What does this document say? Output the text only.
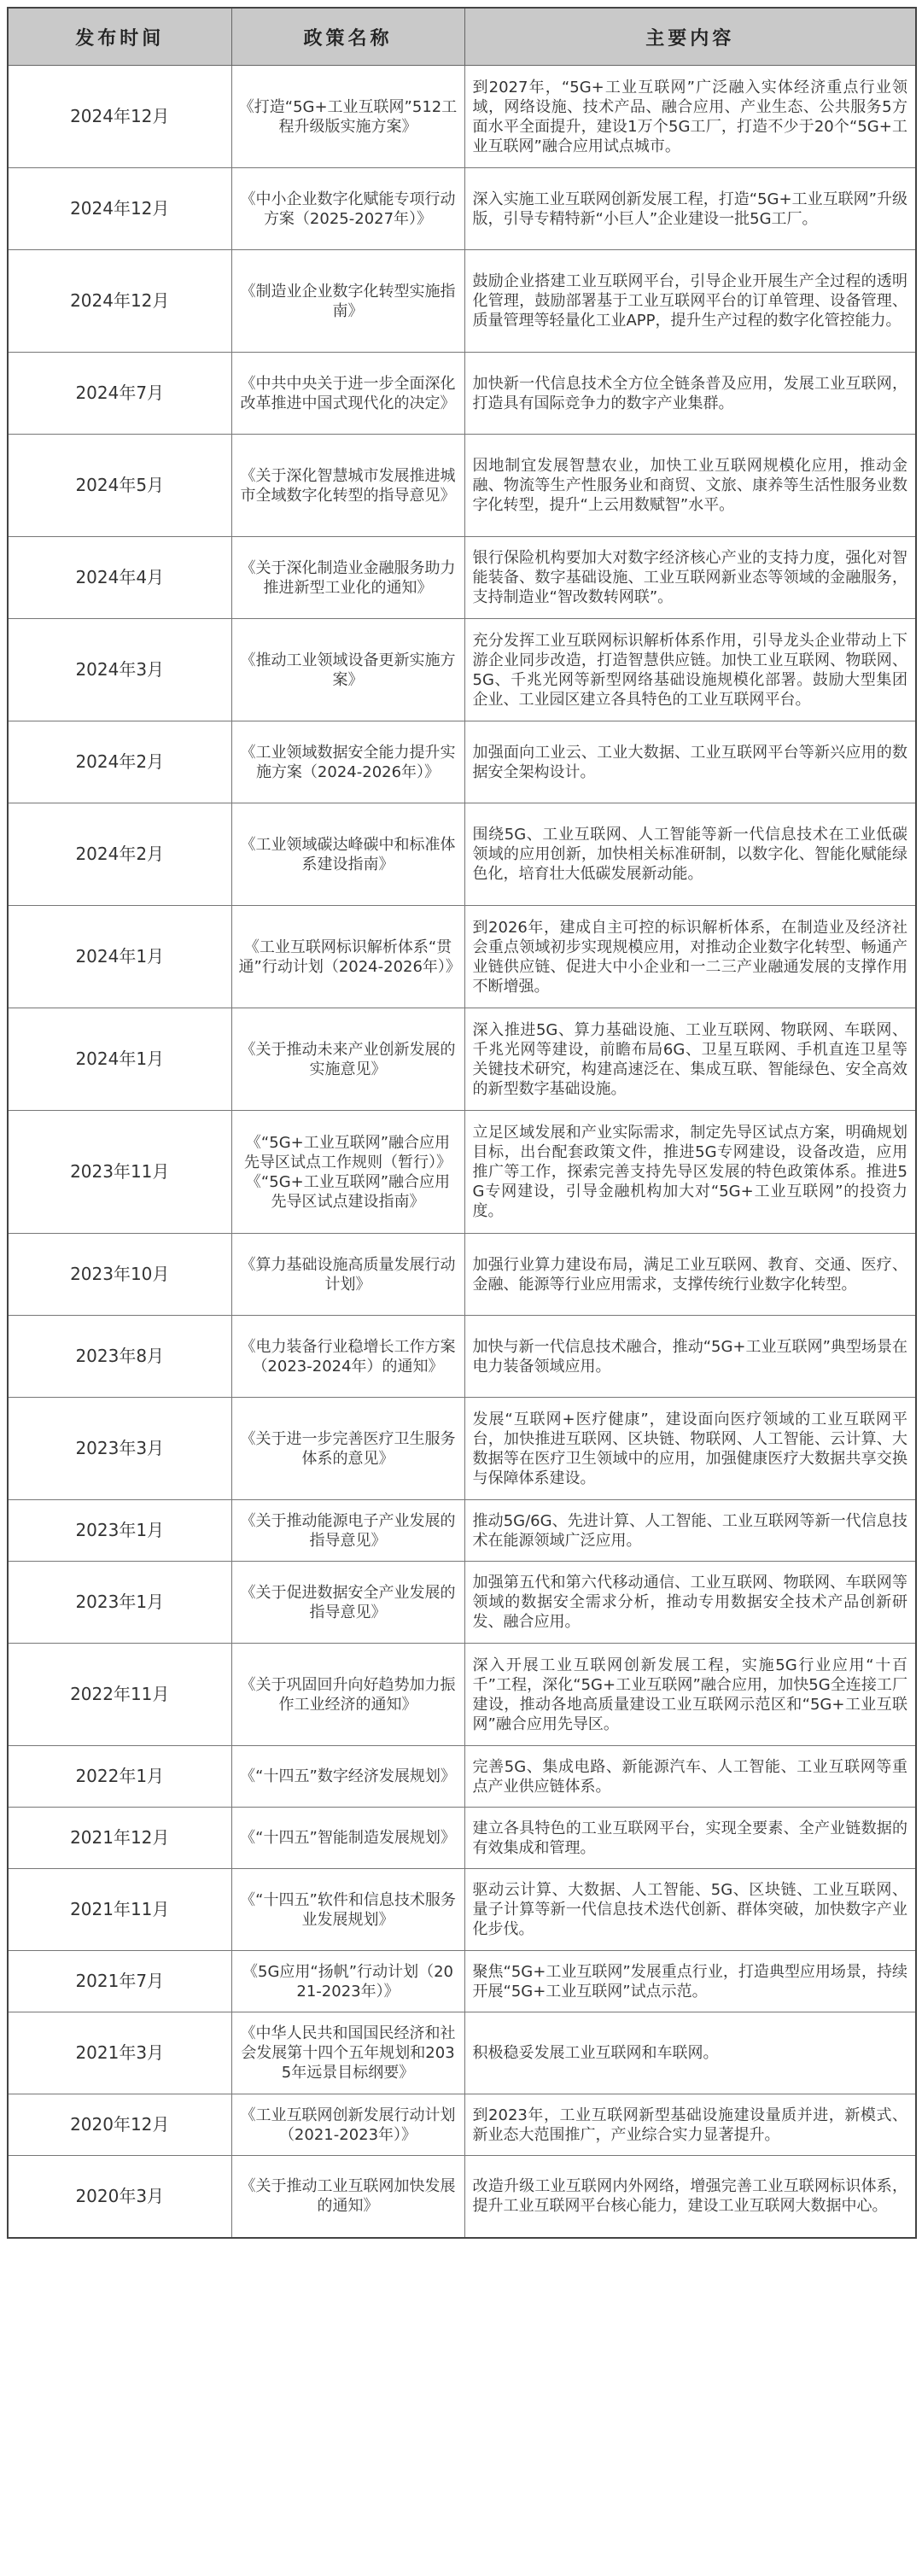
发布时间	政策名称	主要内容
2024年12月	《打造“5G+工业互联网”512工程升级版实施方案》	到2027年，“5G+工业互联网”广泛融入实体经济重点行业领域，网络设施、技术产品、融合应用、产业生态、公共服务5方面水平全面提升，建设1万个5G工厂，打造不少于20个“5G+工业互联网”融合应用试点城市。
2024年12月	《中小企业数字化赋能专项行动方案（2025-2027年）》	深入实施工业互联网创新发展工程，打造“5G+工业互联网”升级版，引导专精特新“小巨人”企业建设一批5G工厂。
2024年12月	《制造业企业数字化转型实施指南》	鼓励企业搭建工业互联网平台，引导企业开展生产全过程的透明化管理，鼓励部署基于工业互联网平台的订单管理、设备管理、质量管理等轻量化工业APP，提升生产过程的数字化管控能力。
2024年7月	《中共中央关于进一步全面深化改革推进中国式现代化的决定》	加快新一代信息技术全方位全链条普及应用，发展工业互联网，打造具有国际竞争力的数字产业集群。
2024年5月	《关于深化智慧城市发展推进城市全域数字化转型的指导意见》	因地制宜发展智慧农业，加快工业互联网规模化应用，推动金融、物流等生产性服务业和商贸、文旅、康养等生活性服务业数字化转型，提升“上云用数赋智”水平。
2024年4月	《关于深化制造业金融服务助力推进新型工业化的通知》	银行保险机构要加大对数字经济核心产业的支持力度，强化对智能装备、数字基础设施、工业互联网新业态等领域的金融服务，支持制造业“智改数转网联”。
2024年3月	《推动工业领域设备更新实施方案》	充分发挥工业互联网标识解析体系作用，引导龙头企业带动上下游企业同步改造，打造智慧供应链。加快工业互联网、物联网、5G、千兆光网等新型网络基础设施规模化部署。鼓励大型集团企业、工业园区建立各具特色的工业互联网平台。
2024年2月	《工业领域数据安全能力提升实施方案（2024-2026年）》	加强面向工业云、工业大数据、工业互联网平台等新兴应用的数据安全架构设计。
2024年2月	《工业领域碳达峰碳中和标准体系建设指南》	围绕5G、工业互联网、人工智能等新一代信息技术在工业低碳领域的应用创新，加快相关标准研制，以数字化、智能化赋能绿色化，培育壮大低碳发展新动能。
2024年1月	《工业互联网标识解析体系“贯通”行动计划（2024-2026年）》	到2026年，建成自主可控的标识解析体系，在制造业及经济社会重点领域初步实现规模应用，对推动企业数字化转型、畅通产业链供应链、促进大中小企业和一二三产业融通发展的支撑作用不断增强。
2024年1月	《关于推动未来产业创新发展的实施意见》	深入推进5G、算力基础设施、工业互联网、物联网、车联网、千兆光网等建设，前瞻布局6G、卫星互联网、手机直连卫星等关键技术研究，构建高速泛在、集成互联、智能绿色、安全高效的新型数字基础设施。
2023年11月	《“5G+工业互联网”融合应用先导区试点工作规则（暂行）》《“5G+工业互联网”融合应用先导区试点建设指南》	立足区域发展和产业实际需求，制定先导区试点方案，明确规划目标，出台配套政策文件，推进5G专网建设，设备改造，应用推广等工作，探索完善支持先导区发展的特色政策体系。推进5G专网建设，引导金融机构加大对“5G+工业互联网”的投资力度。
2023年10月	《算力基础设施高质量发展行动计划》	加强行业算力建设布局，满足工业互联网、教育、交通、医疗、金融、能源等行业应用需求，支撑传统行业数字化转型。
2023年8月	《电力装备行业稳增长工作方案（2023-2024年）的通知》	加快与新一代信息技术融合，推动“5G+工业互联网”典型场景在电力装备领域应用。
2023年3月	《关于进一步完善医疗卫生服务体系的意见》	发展“互联网+医疗健康”，建设面向医疗领域的工业互联网平台，加快推进互联网、区块链、物联网、人工智能、云计算、大数据等在医疗卫生领域中的应用，加强健康医疗大数据共享交换与保障体系建设。
2023年1月	《关于推动能源电子产业发展的指导意见》	推动5G/6G、先进计算、人工智能、工业互联网等新一代信息技术在能源领域广泛应用。
2023年1月	《关于促进数据安全产业发展的指导意见》	加强第五代和第六代移动通信、工业互联网、物联网、车联网等领域的数据安全需求分析，推动专用数据安全技术产品创新研发、融合应用。
2022年11月	《关于巩固回升向好趋势加力振作工业经济的通知》	深入开展工业互联网创新发展工程，实施5G行业应用“十百千”工程，深化“5G+工业互联网”融合应用，加快5G全连接工厂建设，推动各地高质量建设工业互联网示范区和“5G+工业互联网”融合应用先导区。
2022年1月	《“十四五”数字经济发展规划》	完善5G、集成电路、新能源汽车、人工智能、工业互联网等重点产业供应链体系。
2021年12月	《“十四五”智能制造发展规划》	建立各具特色的工业互联网平台，实现全要素、全产业链数据的有效集成和管理。
2021年11月	《“十四五”软件和信息技术服务业发展规划》	驱动云计算、大数据、人工智能、5G、区块链、工业互联网、量子计算等新一代信息技术迭代创新、群体突破，加快数字产业化步伐。
2021年7月	《5G应用“扬帆”行动计划（2021-2023年）》	聚焦“5G+工业互联网”发展重点行业，打造典型应用场景，持续开展“5G+工业互联网”试点示范。
2021年3月	《中华人民共和国国民经济和社会发展第十四个五年规划和2035年远景目标纲要》	积极稳妥发展工业互联网和车联网。
2020年12月	《工业互联网创新发展行动计划（2021-2023年）》	到2023年，工业互联网新型基础设施建设量质并进，新模式、新业态大范围推广，产业综合实力显著提升。
2020年3月	《关于推动工业互联网加快发展的通知》	改造升级工业互联网内外网络，增强完善工业互联网标识体系，提升工业互联网平台核心能力，建设工业互联网大数据中心。
